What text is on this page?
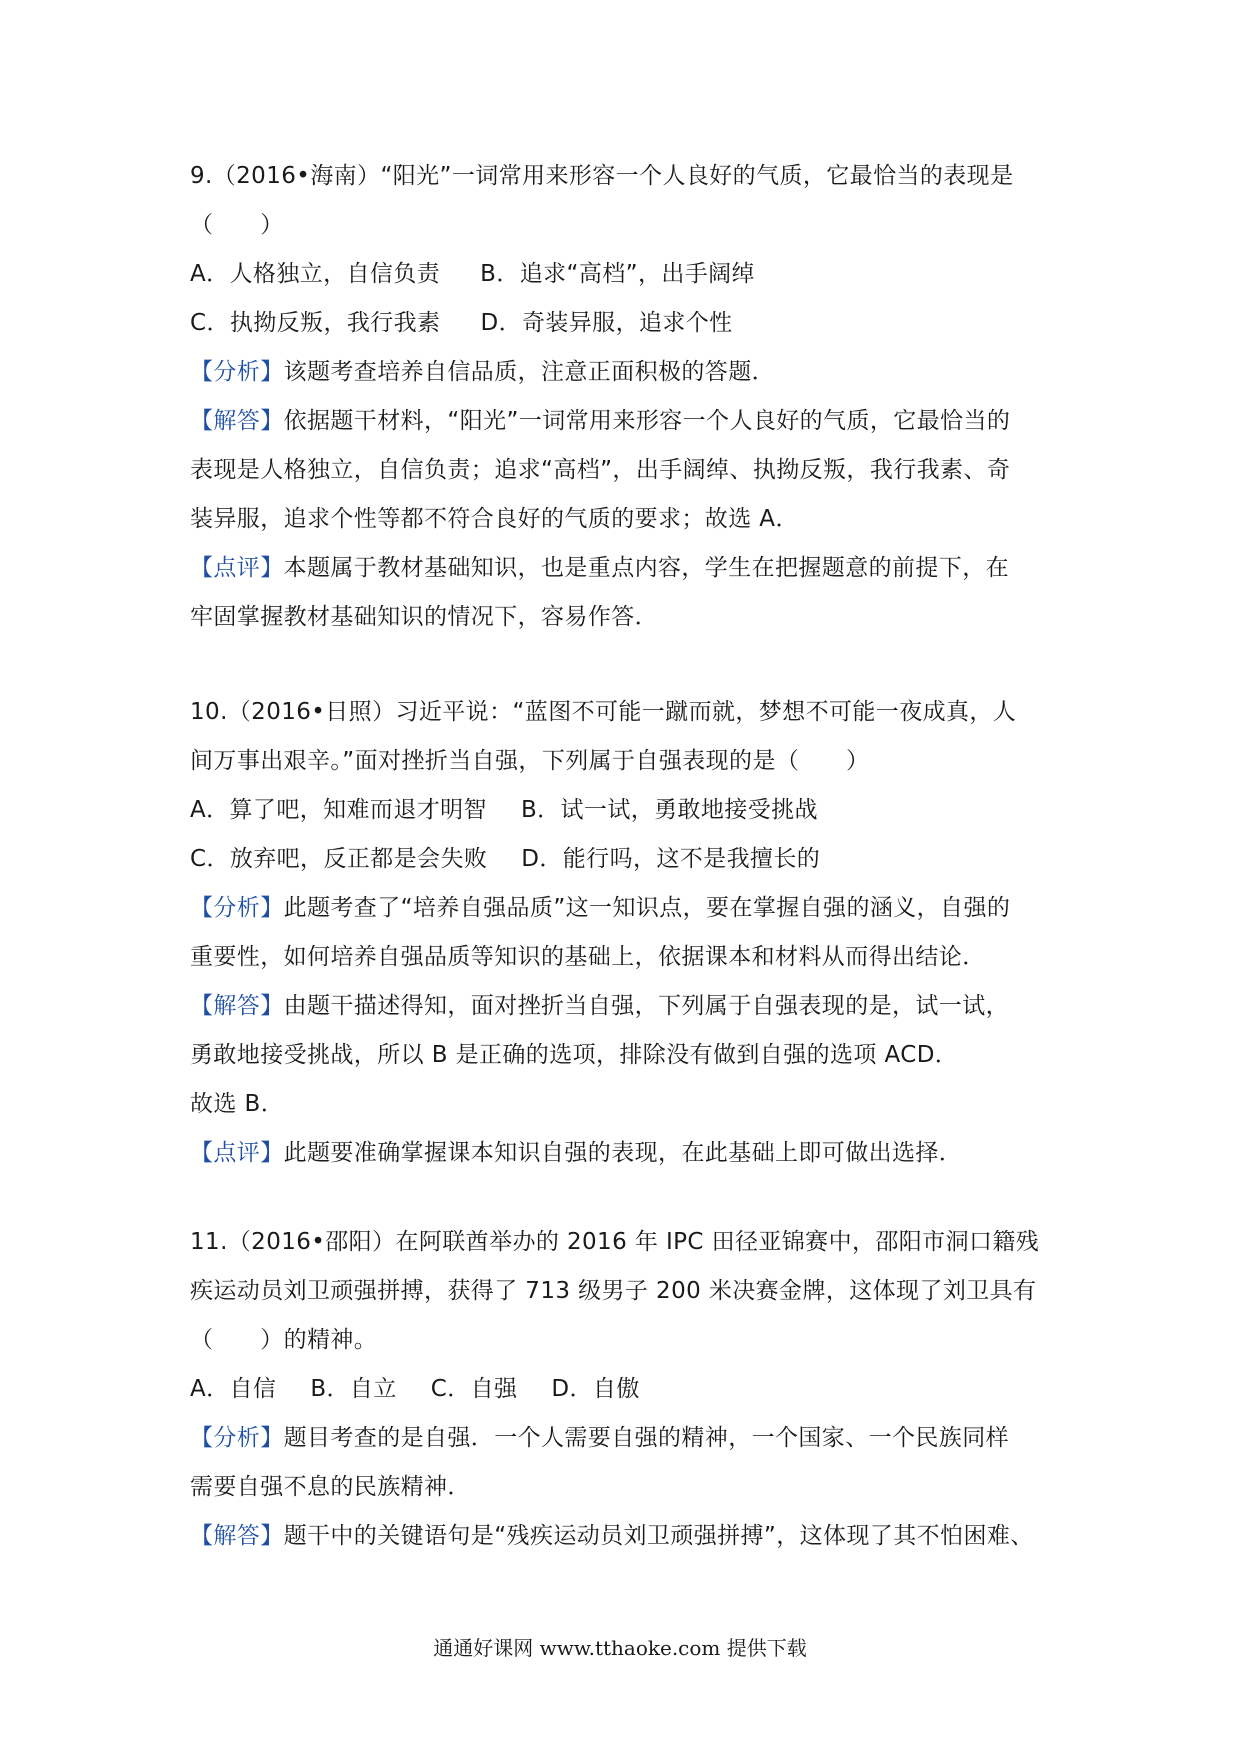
9.（2016•海南）“阳光”一词常用来形容一个人良好的气质，它最恰当的表现是
（　　）
A．人格独立，自信负责 B．追求“高档”，出手阔绰
C．执拗反叛，我行我素 D．奇装异服，追求个性
【分析】该题考查培养自信品质，注意正面积极的答题．
【解答】依据题干材料，“阳光”一词常用来形容一个人良好的气质，它最恰当的
表现是人格独立，自信负责；追求“高档”，出手阔绰、执拗反叛，我行我素、奇
装异服，追求个性等都不符合良好的气质的要求；故选 A．
【点评】本题属于教材基础知识，也是重点内容，学生在把握题意的前提下，在
牢固掌握教材基础知识的情况下，容易作答．
10.（2016•日照）习近平说：“蓝图不可能一蹴而就，梦想不可能一夜成真，人
间万事出艰辛。”面对挫折当自强，下列属于自强表现的是（　　）
A．算了吧，知难而退才明智 B．试一试，勇敢地接受挑战
C．放弃吧，反正都是会失败 D．能行吗，这不是我擅长的
【分析】此题考查了“培养自强品质”这一知识点，要在掌握自强的涵义，自强的
重要性，如何培养自强品质等知识的基础上，依据课本和材料从而得出结论．
【解答】由题干描述得知，面对挫折当自强，下列属于自强表现的是，试一试，
勇敢地接受挑战，所以 B 是正确的选项，排除没有做到自强的选项 ACD．
故选 B．
【点评】此题要准确掌握课本知识自强的表现，在此基础上即可做出选择．
11.（2016•邵阳）在阿联酋举办的 2016 年 IPC 田径亚锦赛中，邵阳市洞口籍残
疾运动员刘卫顽强拼搏，获得了 713 级男子 200 米决赛金牌，这体现了刘卫具有
（　　）的精神。
A．自信 B．自立 C．自强 D．自傲
【分析】题目考查的是自强．一个人需要自强的精神，一个国家、一个民族同样
需要自强不息的民族精神．
【解答】题干中的关键语句是“残疾运动员刘卫顽强拼搏”，这体现了其不怕困难、
通通好课网 www.tthaoke.com 提供下载
